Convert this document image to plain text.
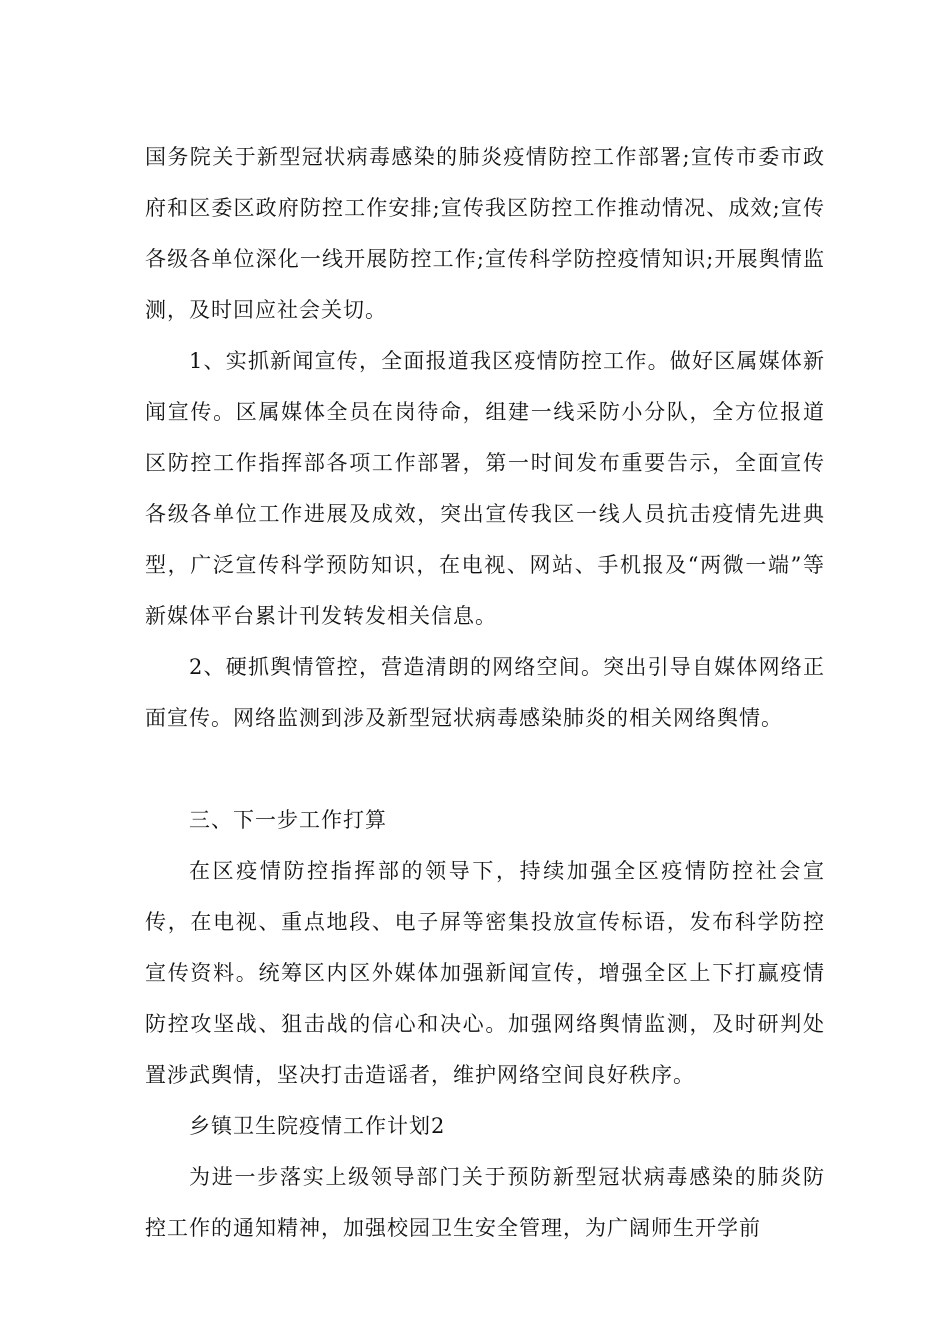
国务院关于新型冠状病毒感染的肺炎疫情防控工作部署;宣传市委市政府和区委区政府防控工作安排;宣传我区防控工作推动情况、成效;宣传各级各单位深化一线开展防控工作;宣传科学防控疫情知识;开展舆情监测，及时回应社会关切。

1、实抓新闻宣传，全面报道我区疫情防控工作。做好区属媒体新闻宣传。区属媒体全员在岗待命，组建一线采防小分队，全方位报道区防控工作指挥部各项工作部署，第一时间发布重要告示，全面宣传各级各单位工作进展及成效，突出宣传我区一线人员抗击疫情先进典型，广泛宣传科学预防知识，在电视、网站、手机报及“两微一端”等新媒体平台累计刊发转发相关信息。

2、硬抓舆情管控，营造清朗的网络空间。突出引导自媒体网络正面宣传。网络监测到涉及新型冠状病毒感染肺炎的相关网络舆情。

三、下一步工作打算

在区疫情防控指挥部的领导下，持续加强全区疫情防控社会宣传，在电视、重点地段、电子屏等密集投放宣传标语，发布科学防控宣传资料。统筹区内区外媒体加强新闻宣传，增强全区上下打赢疫情防控攻坚战、狙击战的信心和决心。加强网络舆情监测，及时研判处置涉武舆情，坚决打击造谣者，维护网络空间良好秩序。

乡镇卫生院疫情工作计划2

为进一步落实上级领导部门关于预防新型冠状病毒感染的肺炎防控工作的通知精神，加强校园卫生安全管理，为广阔师生开学前
